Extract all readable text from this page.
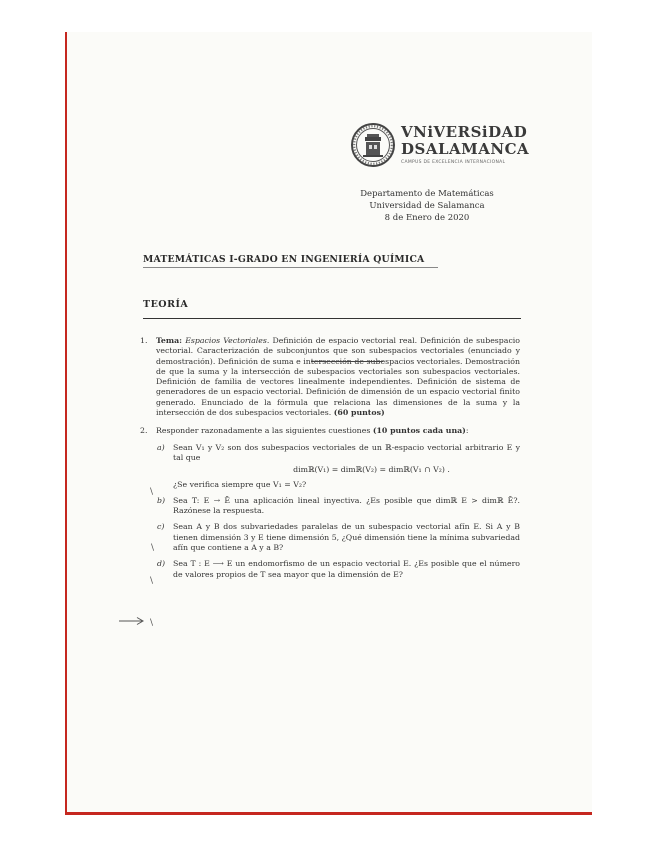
VNiVERSiDAD
DSALAMANCA
CAMPUS DE EXCELENCIA INTERNACIONAL
Departamento de Matemáticas
Universidad de Salamanca
8 de Enero de 2020
MATEMÁTICAS I-GRADO EN INGENIERÍA QUÍMICA
TEORÍA
1. Tema: Espacios Vectoriales. Definición de espacio vectorial real. Definición de subespacio vectorial. Caracterización de subconjuntos que son subespacios vectoriales (enunciado y demostración). Definición de suma e intersección de subespacios vectoriales. Demostración de que la suma y la intersección de subespacios vectoriales son subespacios vectoriales. Definición de familia de vectores linealmente independientes. Definición de sistema de generadores de un espacio vectorial. Definición de dimensión de un espacio vectorial finito generado. Enunciado de la fórmula que relaciona las dimensiones de la suma y la intersección de dos subespacios vectoriales. (60 puntos)
2. Responder razonadamente a las siguientes cuestiones (10 puntos cada una):
a) Sean V₁ y V₂ son dos subespacios vectoriales de un ℝ-espacio vectorial arbitrario E y tal que
dimℝ(V₁) = dimℝ(V₂) = dimℝ(V₁ ∩ V₂) .
¿Se verifica siempre que V₁ = V₂?
b) Sea T: E → Ē una aplicación lineal inyectiva. ¿Es posible que dimℝ E > dimℝ Ē?. Razónese la respuesta.
c) Sean A y B dos subvariedades paralelas de un subespacio vectorial afín E. Si A y B tienen dimensión 3 y E tiene dimensión 5, ¿Qué dimensión tiene la mínima subvariedad afín que contiene a A y a B?
d) Sea T : E ⟶ E un endomorfismo de un espacio vectorial E. ¿Es posible que el número de valores propios de T sea mayor que la dimensión de E?
\
\
\
\
